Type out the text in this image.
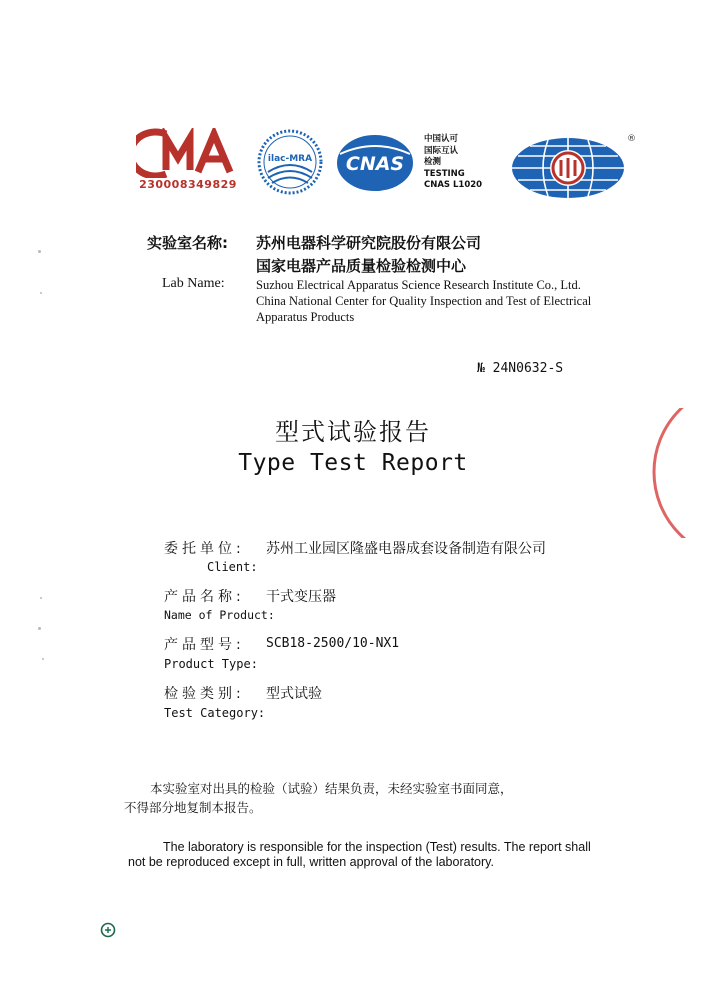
230008349829
ilac-MRA CNAS
中国认可
国际互认
检测
TESTING
CNAS L1020
®
实验室名称: 苏州电器科学研究院股份有限公司
国家电器产品质量检验检测中心
Lab Name:	Suzhou Electrical Apparatus Science Research Institute Co., Ltd.
China National Center for Quality Inspection and Test of Electrical
Apparatus Products
№ 24N0632-S
型式试验报告
Type Test Report
委托单位: 苏州工业园区隆盛电器成套设备制造有限公司
Client:
产品名称: 干式变压器
Name of Product:
产品型号: SCB18-2500/10-NX1
Product Type:
检验类别: 型式试验
Test Category:
本实验室对出具的检验（试验）结果负责，未经实验室书面同意，
不得部分地复制本报告。
The laboratory is responsible for the inspection (Test) results. The report shall
not be reproduced except in full, written approval of the laboratory.
